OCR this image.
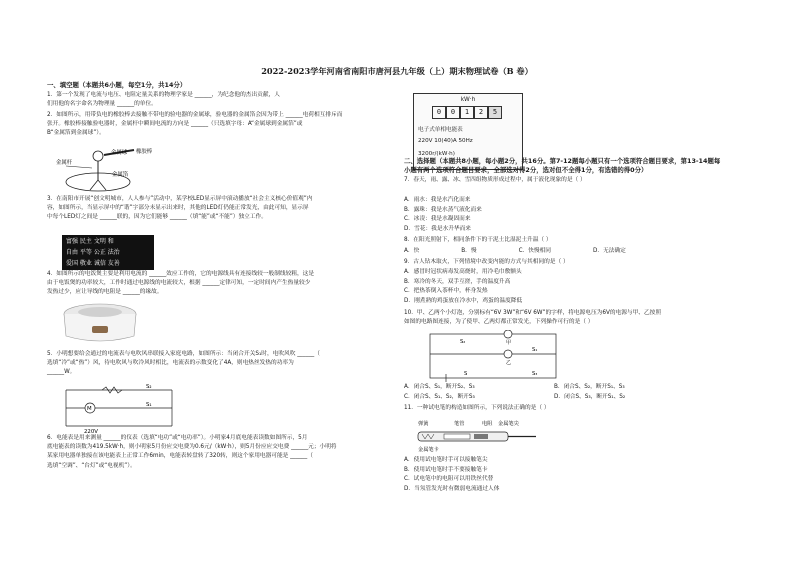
2022-2023学年河南省南阳市唐河县九年级（上）期末物理试卷（B 卷）
一、填空题（本题共6小题，每空1分，共14分）
1．第一个发现了电流与电压、电阻定量关系的物理学家是 ______，为纪念他的杰出贡献，人
们用他的名字命名为物理量 ______的单位。
2．如图所示，用带负电的橡胶棒去接触不带电的验电器的金属球，验电器的金属箔会因为带上 ______电荷相互排斥而
张开。橡胶棒接触验电器时，金属杆中瞬间电流的方向是 ______（只选填字母：A“金属球到金属箔”或
B“金属箔到金属球”）。
金属球 橡胶棒
金属杆
金属箔
3．在南阳市开展“创文明城市，人人参与”活动中，某学校LED显示屏中滚动播放“社会主义核心价值观”内
容，如图所示，当显示屏中的“谐”字部分未显示出来时，其他的LED灯仍能正常发光，由此可知，显示屏
中每个LED灯之间是 ______联的，因为它们能够 ______（填“能”或“不能”）独立工作。
富强 民主 文明 和
自由 平等 公正 法治
爱国 敬业 诚信 友善
4．如图所示的电饭煲主要是利用电流的 ______效应工作的，它的电源线具有连接线较一般制线较粗，这是
由于电饭煲的功率较大，工作时通过电源线的电流较大，根据 ______定律可知，一定时间内产生热量较少
发热过少，应让导线的电阻是 ______的缘故。
5．小明想要给会通过的电流表与电吹风串联接入家庭电路，如图所示：当闭合开关S₁时，电吹风吹 ______（
选填“冷”或“热”）风，待电吹风与吹冷风时相比，电流表的示数变化了4A，则电热丝发热的功率为
______W。
M
S₂
S₁
220V
6．电能表是用来测量 ______的仪表（选填“电功”或“电功率”）。小明家4月底电能表读数如图所示，5月
底电能表的读数为419.5kW·h，则小明家5月份应交电费为0.6元/（kW·h），则5月份应应交电费 ______元；小明将
某家用电器单独接在该电能表上正常工作6min，电能表转盘转了320转，则这个家用电器可能是 ______（
选填“空调”、“台灯”或“电视机”）。
kW·h
0	0	1	2	5
电子式单相电能表
220V 10(40)A 50Hz
3200r/(kW·h)
二、选择题（本题共8小题，每小题2分，共16分。第7-12题每小题只有一个选项符合题目要求，第13-14题每
小题有两个选项符合题目要求，全部选对得2分，选对但不全得1分，有选错的得0分）
7．春天，雨、露、冰、雪四组物质形成过程中，属于液化现象的是（ ）
A．雨水：我是水汽化而来
B．露珠：我是水蒸气液化而来
C．冰凌：我是水凝固而来
D．雪花：我是水升华而来
8．在阳光照射下，相同条件下的干泥土比湿泥土升温（ ）
A．快	B．慢	C．快慢相同	D．无法确定
9．古人钻木取火，下列情境中改变内能的方式与其相同的是（ ）
A．感冒时冠状病毒发高烧时，用冷毛巾敷额头
B．寒冷的冬天，双手互搓，手的温度升高
C．把热茶倒入茶杯中，杯身发热
D．刚煮熟的鸡蛋放在冷水中，鸡蛋的温度降低
10．甲、乙两个小灯泡，分别标有“6V 3W”和“6V 6W”的字样，将电源电压为6V的电源与甲、乙按照
如图的电路图连接，为了使甲、乙两灯都正常发光，下列操作可行的是（ ）
甲
乙
S₂
S₁
S₃
S
A．闭合S、S₁，断开S₂、S₃	B．闭合S、S₂，断开S₁、S₃
C．闭合S、S₁、S₂，断开S₃	D．闭合S、S₃，断开S₁、S₂
11．一种试电笔的构造如图所示，下列说法正确的是（ ）
弹簧	笔管	电阻 金属笔尖
金属笔卡
A．使用试电笔时手可以接触笔尖
B．使用试电笔时手不要接触笔卡
C．试电笔中的电阻可以用铁丝代替
D．当氖管发光时有微弱电流通过人体
